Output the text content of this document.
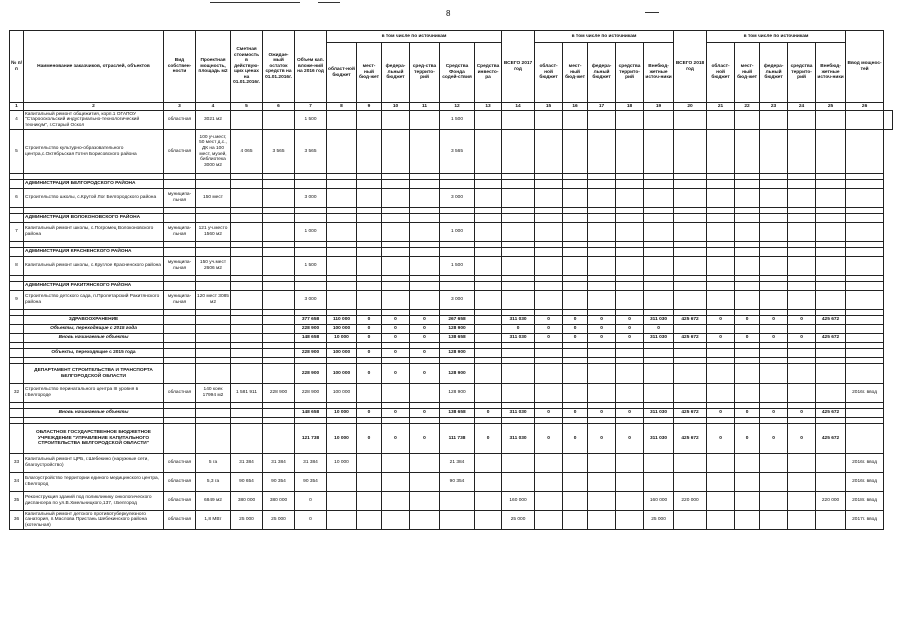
8
№ п/п	Наименование заказчиков, отраслей, объектов	Вид собствен-ности	Проектная мощность, площадь м2	Сметная стоимость в действую-щих ценах на 01.01.2016г.	Ожидае-мый остаток средств на 01.01.2016г.	Объем кап. вложе-ний на 2016 год	в том числе по источникам						ВСЕГО 2017 год	в том числе по источникам					ВСЕГО 2018 год	в том числе по источникам					Ввод мощнос-тей	
							област-ной бюджет	мест-ный бюд-жет	федера-льный бюджет	сред-ства террито-рий	Средства Фонда содей-ствия	Средства инвесто-ра		област-ной бюджет	мест-ный бюд-жет	федера-льный бюджет	средства террито-рий	Внебюд-жетные источ-ники		област-ной бюджет	мест-ный бюд-жет	федера-льный бюджет	средства террито-рий	Внебюд-жетные источ-ники		
1	2	3	4	5	6	7	8	9	10	11	12	13	14	15	16	17	18	19	20	21	22	23	24	25	26	
4	Капитальный ремонт общежития, корп.1 ОГАПОУ "Старооскольский индустриально-технологический техникум", г.Старый Оскол	областная	3021 м2			1 500					1 500															
5	Строительство культурно-образовательного центра,с.Октябрьская Готня Борисовского района	областная	100 уч.мест, 50 мест д.с., ДК на 100 мест, музей, библиотека 3000 м2	4 065	3 565	3 565					3 565															

	АДМИНИСТРАЦИЯ БЕЛГОРОДСКОГО РАЙОНА																									
6	Строительство школы, с.Крутой Лог Белгородского района	муниципа-льная	150 мест			3 000					3 000															

	АДМИНИСТРАЦИЯ ВОЛОКОНОВСКОГО РАЙОНА																									
7	Капитальный ремонт школы, с.Погромец Волоконовского района	муниципа-льная	121 уч.место 1560 м2			1 000					1 000															

	АДМИНИСТРАЦИЯ КРАСНЕНСКОГО РАЙОНА																									
8	Капитальный ремонт школы, с.Круглое Красненского района	муниципа-льная	150 уч.мест 2606 м2			1 500					1 500															

	АДМИНИСТРАЦИЯ РАКИТЯНСКОГО РАЙОНА																									
9	Строительство детского сада, п.Пролетарский Ракитянского района	муниципа-льная	120 мест 3085 м2			3 000					3 000															

	ЗДРАВООХРАНЕНИЕ					377 658	110 000	0	0	0	267 658		311 030	0	0	0	0	311 030	425 672	0	0	0	0	425 672		
	Объекты, переходящие с 2015 года					228 900	100 000	0	0	0	128 900		0	0	0	0	0	0								
	Вновь начинаемые объекты					148 658	10 000	0	0	0	138 658		311 030	0	0	0	0	311 030	425 672	0	0	0	0	425 672		

	Объекты, переходящие с 2015 года					228 900	100 000	0	0	0	128 900															

	ДЕПАРТАМЕНТ СТРОИТЕЛЬСТВА И ТРАНСПОРТА БЕЛГОРОДСКОЙ ОБЛАСТИ					228 900	100 000	0	0	0	128 900															
32	Строительство перинатального центра III уровня в г.Белгороде	областная	140 коек 17994 м2	1 581 911	228 900	228 900	100 000				128 900														2016г. ввод	

	Вновь начинаемые объекты					148 658	10 000	0	0	0	138 658	0	311 030	0	0	0	0	311 030	425 672	0	0	0	0	425 672		

	ОБЛАСТНОЕ ГОСУДАРСТВЕННОЕ БЮДЖЕТНОЕ УЧРЕЖДЕНИЕ "УПРАВЛЕНИЕ КАПИТАЛЬНОГО СТРОИТЕЛЬСТВА БЕЛГОРОДСКОЙ ОБЛАСТИ"					121 738	10 000	0	0	0	111 738	0	311 030	0	0	0	0	311 030	425 672	0	0	0	0	425 672		
33	Капитальный ремонт ЦРБ, г.Шебекино (наружные сети, благоустройство)	областная	5 га	31 384	31 384	31 384	10 000				21 384														2016г. ввод	
34	Благоустройство территории единого медицинского центра, г.Белгород	областная	5,3 га	90 654	90 354	90 354					90 354														2016г. ввод	
35	Реконструкция зданий под поликлинику онкологического диспансера по ул.В.Хмельницкого,137, г.Белгород	областная	6849 м2	380 000	380 000	0							160 000					160 000	220 000					220 000	2018г. ввод	
36	Капитальный ремонт детского противотуберкулезного санатория, п.Маслова Пристань Шебекинского района (котельная)	областная	1,8 МВт	25 000	25 000	0							25 000					25 000							2017г. ввод	
